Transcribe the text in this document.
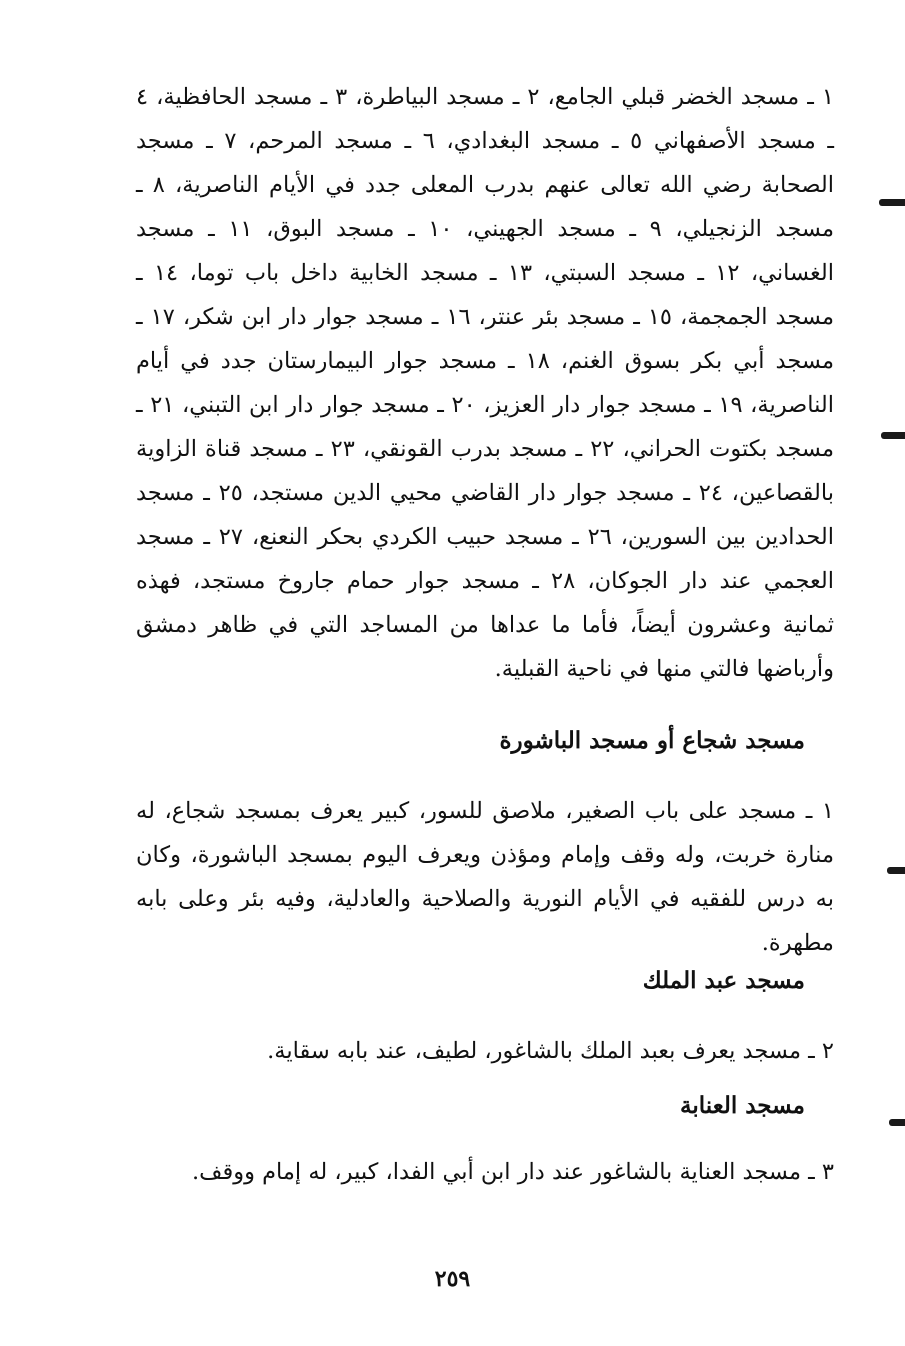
١ ـ مسجد الخضر قبلي الجامع، ٢ ـ مسجد البياطرة، ٣ ـ مسجد الحافظية، ٤ ـ مسجد الأصفهاني ٥ ـ مسجد البغدادي، ٦ ـ مسجد المرحم، ٧ ـ مسجد الصحابة رضي الله تعالى عنهم بدرب المعلى جدد في الأيام الناصرية، ٨ ـ مسجد الزنجيلي، ٩ ـ مسجد الجهيني، ١٠ ـ مسجد البوق، ١١ ـ مسجد الغساني، ١٢ ـ مسجد السبتي، ١٣ ـ مسجد الخابية داخل باب توما، ١٤ ـ مسجد الجمجمة، ١٥ ـ مسجد بئر عنتر، ١٦ ـ مسجد جوار دار ابن شكر، ١٧ ـ مسجد أبي بكر بسوق الغنم، ١٨ ـ مسجد جوار البيمارستان جدد في أيام الناصرية، ١٩ ـ مسجد جوار دار العزيز، ٢٠ ـ مسجد جوار دار ابن التبني، ٢١ ـ مسجد بكتوت الحراني، ٢٢ ـ مسجد بدرب القونقي، ٢٣ ـ مسجد قناة الزاوية بالقصاعين، ٢٤ ـ مسجد جوار دار القاضي محيي الدين مستجد، ٢٥ ـ مسجد الحدادين بين السورين، ٢٦ ـ مسجد حبيب الكردي بحكر النعنع، ٢٧ ـ مسجد العجمي عند دار الجوكان، ٢٨ ـ مسجد جوار حمام جاروخ مستجد، فهذه ثمانية وعشرون أيضاً، فأما ما عداها من المساجد التي في ظاهر دمشق وأرباضها فالتي منها في ناحية القبلية.

مسجد شجاع أو مسجد الباشورة

١ ـ مسجد على باب الصغير، ملاصق للسور، كبير يعرف بمسجد شجاع، له منارة خربت، وله وقف وإمام ومؤذن ويعرف اليوم بمسجد الباشورة، وكان به درس للفقيه في الأيام النورية والصلاحية والعادلية، وفيه بئر وعلى بابه مطهرة.

مسجد عبد الملك

٢ ـ مسجد يعرف بعبد الملك بالشاغور، لطيف، عند بابه سقاية.

مسجد العنابة

٣ ـ مسجد العناية بالشاغور عند دار ابن أبي الفدا، كبير، له إمام ووقف.

٢٥٩
